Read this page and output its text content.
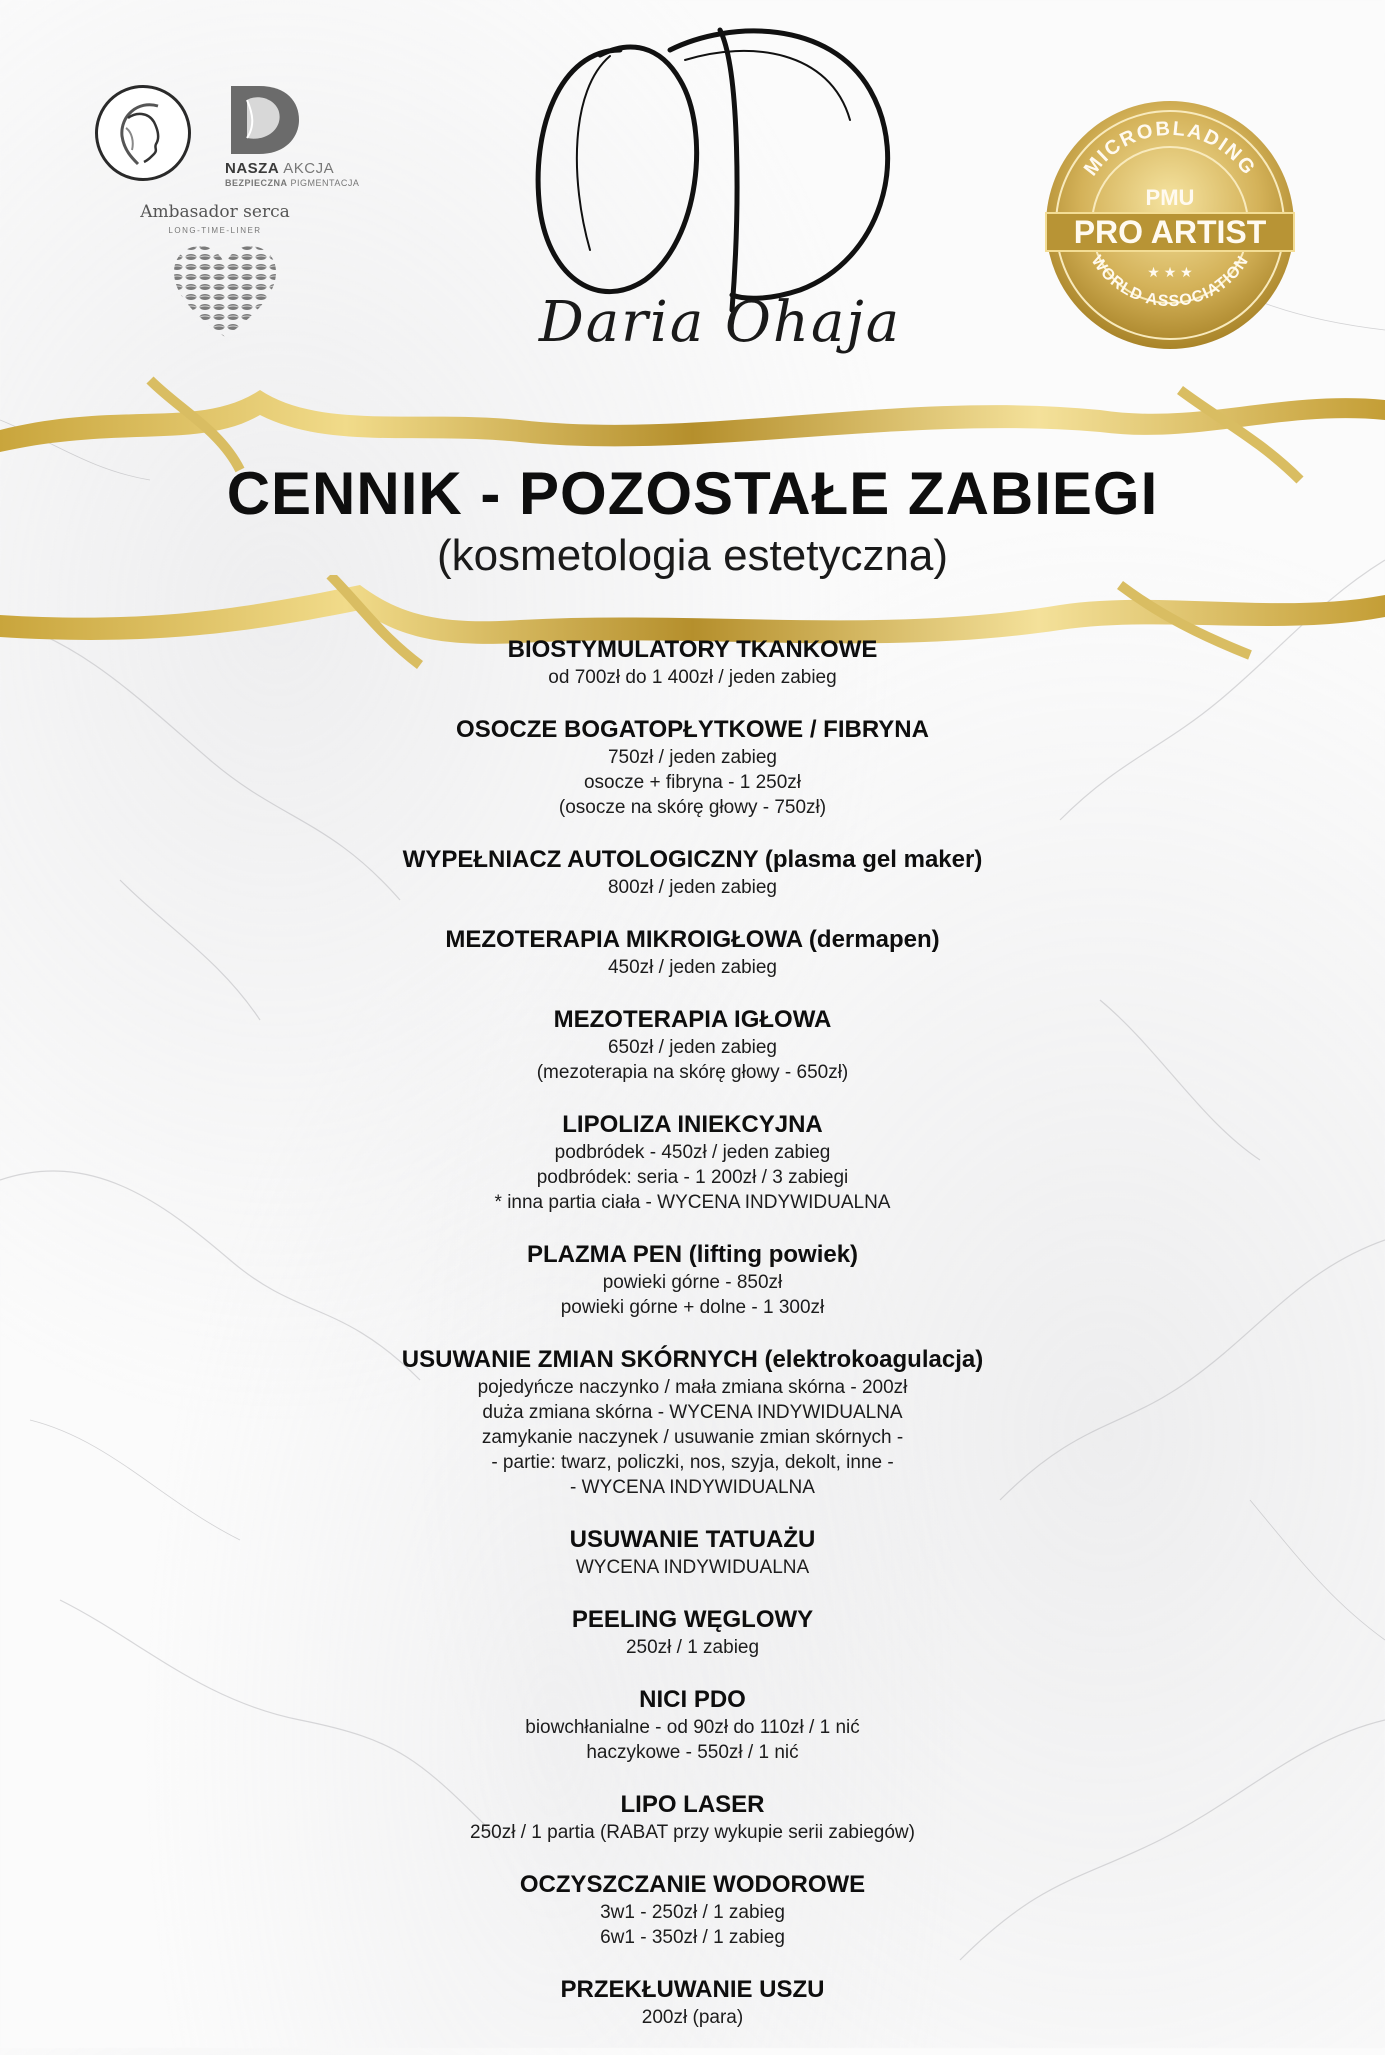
NASZA AKCJA
BEZPIECZNA PIGMENTACJA
Ambasador serca
LONG-TIME-LINER
Daria Ohaja
MICROBLADING
WORLD ASSOCIATION
PMU
PRO ARTIST
★ ★ ★
CENNIK - POZOSTAŁE ZABIEGI
(kosmetologia estetyczna)
BIOSTYMULATORY TKANKOWE
od 700zł do 1 400zł / jeden zabieg
OSOCZE BOGATOPŁYTKOWE / FIBRYNA
750zł / jeden zabieg
osocze + fibryna - 1 250zł
(osocze na skórę głowy - 750zł)
WYPEŁNIACZ AUTOLOGICZNY (plasma gel maker)
800zł / jeden zabieg
MEZOTERAPIA MIKROIGŁOWA (dermapen)
450zł / jeden zabieg
MEZOTERAPIA IGŁOWA
650zł / jeden zabieg
(mezoterapia na skórę głowy - 650zł)
LIPOLIZA INIEKCYJNA
podbródek - 450zł / jeden zabieg
podbródek: seria - 1 200zł / 3 zabiegi
* inna partia ciała - WYCENA INDYWIDUALNA
PLAZMA PEN (lifting powiek)
powieki górne - 850zł
powieki górne + dolne - 1 300zł
USUWANIE ZMIAN SKÓRNYCH (elektrokoagulacja)
pojedyńcze naczynko / mała zmiana skórna - 200zł
duża zmiana skórna - WYCENA INDYWIDUALNA
zamykanie naczynek / usuwanie zmian skórnych -
- partie: twarz, policzki, nos, szyja, dekolt, inne -
- WYCENA INDYWIDUALNA
USUWANIE TATUAŻU
WYCENA INDYWIDUALNA
PEELING WĘGLOWY
250zł / 1 zabieg
NICI PDO
biowchłanialne - od 90zł do 110zł / 1 nić
haczykowe - 550zł / 1 nić
LIPO LASER
250zł / 1 partia (RABAT przy wykupie serii zabiegów)
OCZYSZCZANIE WODOROWE
3w1 - 250zł / 1 zabieg
6w1 - 350zł / 1 zabieg
PRZEKŁUWANIE USZU
200zł (para)
